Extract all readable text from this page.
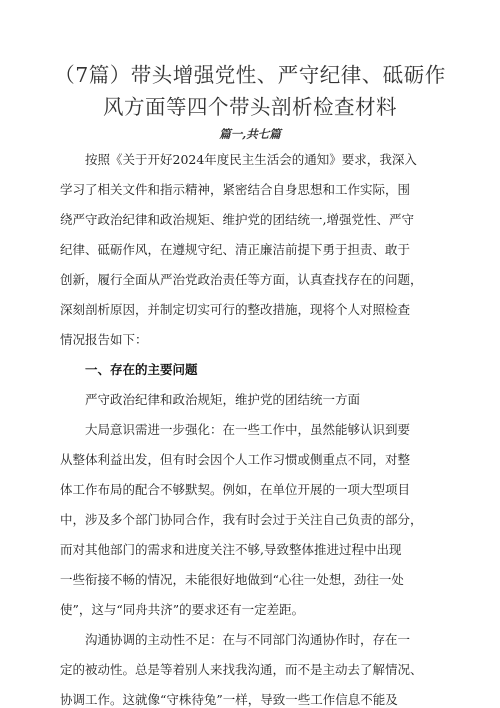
（7篇）带头增强党性、严守纪律、砥砺作
风方面等四个带头剖析检查材料
篇一,共七篇
按照《关于开好2024年度民主生活会的通知》要求，我深入
学习了相关文件和指示精神，紧密结合自身思想和工作实际，围
绕严守政治纪律和政治规矩、维护党的团结统一,增强党性、严守
纪律、砥砺作风，在遵规守纪、清正廉洁前提下勇于担责、敢于
创新，履行全面从严治党政治责任等方面，认真查找存在的问题，
深刻剖析原因，并制定切实可行的整改措施，现将个人对照检查
情况报告如下：
一、存在的主要问题
严守政治纪律和政治规矩，维护党的团结统一方面
大局意识需进一步强化：在一些工作中，虽然能够认识到要
从整体利益出发，但有时会因个人工作习惯或侧重点不同，对整
体工作布局的配合不够默契。例如，在单位开展的一项大型项目
中，涉及多个部门协同合作，我有时会过于关注自己负责的部分，
而对其他部门的需求和进度关注不够,导致整体推进过程中出现
一些衔接不畅的情况，未能很好地做到“心往一处想，劲往一处
使”，这与“同舟共济”的要求还有一定差距。
沟通协调的主动性不足：在与不同部门沟通协作时，存在一
定的被动性。总是等着别人来找我沟通，而不是主动去了解情况、
协调工作。这就像“守株待兔”一样，导致一些工作信息不能及
